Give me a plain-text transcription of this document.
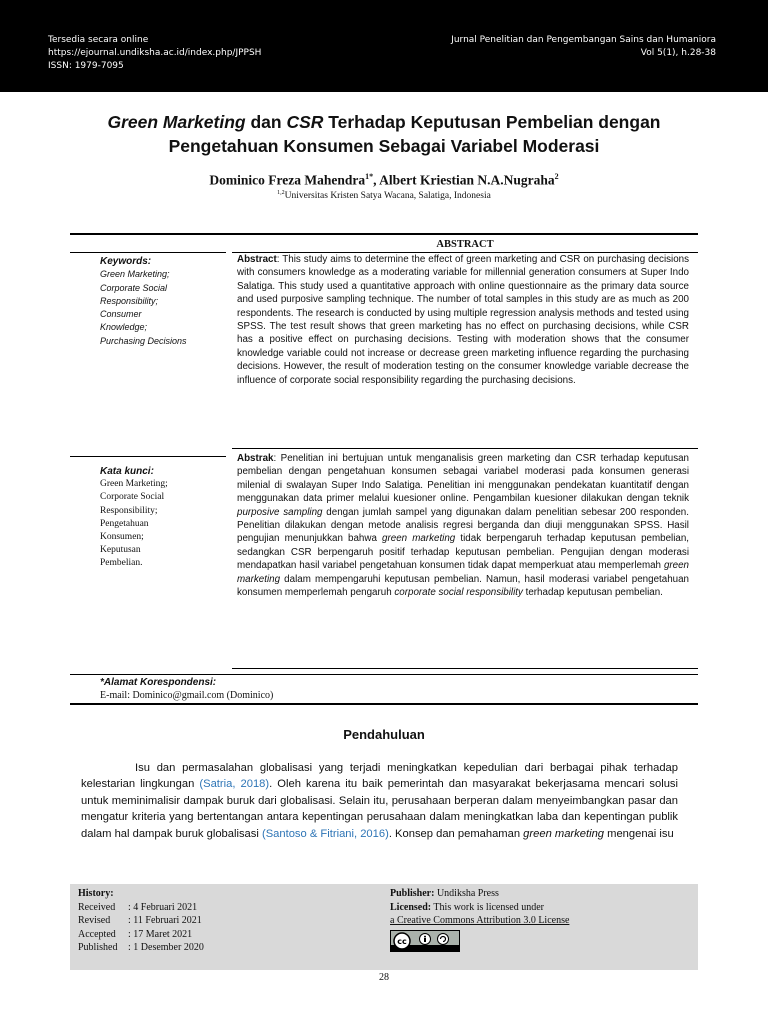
Tersedia secara online
https://ejournal.undiksha.ac.id/index.php/JPPSH
ISSN: 1979-7095
Jurnal Penelitian dan Pengembangan Sains dan Humaniora
Vol 5(1), h.28-38
Green Marketing dan CSR Terhadap Keputusan Pembelian dengan
Pengetahuan Konsumen Sebagai Variabel Moderasi
Dominico Freza Mahendra$^{1*}$, Albert Kriestian N.A.Nugraha$^2$
$^{1,2}$Universitas Kristen Satya Wacana, Salatiga, Indonesia
ABSTRACT
Keywords:
Green Marketing;
Corporate Social
Responsibility;
Consumer
Knowledge;
Purchasing Decisions
Abstract: This study aims to determine the effect of green marketing and CSR on purchasing decisions with consumers knowledge as a moderating variable for millennial generation consumers at Super Indo Salatiga. This study used a quantitative approach with online questionnaire as the primary data source and used purposive sampling technique. The number of total samples in this study are as much as 200 respondents. The research is conducted by using multiple regression analysis methods and tested using SPSS. The test result shows that green marketing has no effect on purchasing decisions, while CSR has a positive effect on purchasing decisions. Testing with moderation shows that the consumer knowledge variable could not increase or decrease green marketing influence regarding the purchasing decisions. However, the result of moderation testing on the consumer knowledge variable decrease the influence of corporate social responsibility regarding the purchasing decisions.
Kata kunci:
Green Marketing;
Corporate Social
Responsibility;
Pengetahuan
Konsumen;
Keputusan
Pembelian.
Abstrak: Penelitian ini bertujuan untuk menganalisis green marketing dan CSR terhadap keputusan pembelian dengan pengetahuan konsumen sebagai variabel moderasi pada konsumen generasi milenial di swalayan Super Indo Salatiga. Penelitian ini menggunakan pendekatan kuantitatif dengan menggunakan data primer melalui kuesioner online. Pengambilan kuesioner dilakukan dengan teknik purposive sampling dengan jumlah sampel yang digunakan dalam penelitian sebesar 200 responden. Penelitian dilakukan dengan metode analisis regresi berganda dan diuji menggunakan SPSS. Hasil pengujian menunjukkan bahwa green marketing tidak berpengaruh terhadap keputusan pembelian, sedangkan CSR berpengaruh positif terhadap keputusan pembelian. Pengujian dengan moderasi mendapatkan hasil variabel pengetahuan konsumen tidak dapat memperkuat atau memperlemah green marketing dalam mempengaruhi keputusan pembelian. Namun, hasil moderasi variabel pengetahuan konsumen memperlemah pengaruh corporate social responsibility terhadap keputusan pembelian.
*Alamat Korespondensi:
E-mail: Dominico@gmail.com (Dominico)
Pendahuluan
Isu dan permasalahan globalisasi yang terjadi meningkatkan kepedulian dari berbagai pihak terhadap kelestarian lingkungan (Satria, 2018). Oleh karena itu baik pemerintah dan masyarakat bekerjasama mencari solusi untuk meminimalisir dampak buruk dari globalisasi. Selain itu, perusahaan berperan dalam menyeimbangkan pasar dan mengatur kriteria yang bertentangan antara kepentingan perusahaan dalam meningkatkan laba dan kepentingan publik dalam hal dampak buruk globalisasi (Santoso & Fitriani, 2016). Konsep dan pemahaman green marketing mengenai isu
History:
Received	: 4 Februari 2021
Revised	: 11 Februari 2021
Accepted	: 17 Maret 2021
Published	: 1 Desember 2020
Publisher: Undiksha Press
Licensed: This work is licensed under
a Creative Commons Attribution 3.0 License
cc
28
